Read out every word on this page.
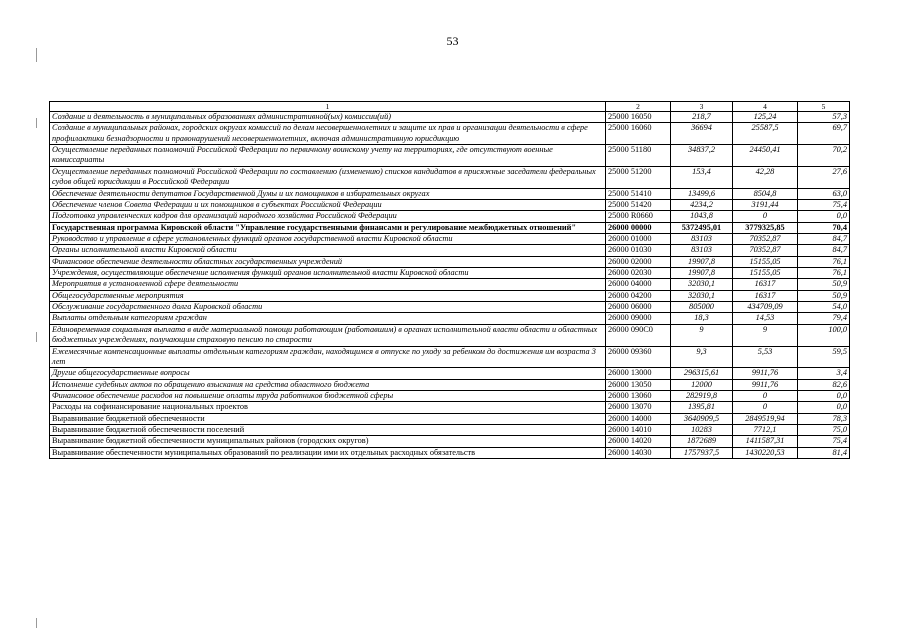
53
1	2	3	4	5
Создание и деятельность в муниципальных образованиях административной(ых) комиссии(ий)	25000 16050	218,7	125,24	57,3
Создание в муниципальных районах, городских округах комиссий по делам несовершеннолетних и защите их прав и организации деятельности в сфере профилактики безнадзорности и правонарушений несовершеннолетних, включая административную юрисдикцию	25000 16060	36694	25587,5	69,7
Осуществление переданных полномочий Российской Федерации по первичному воинскому учету на территориях, где отсутствуют военные комиссариаты	25000 51180	34837,2	24450,41	70,2
Осуществление переданных полномочий Российской Федерации по составлению (изменению) списков кандидатов в присяжные заседатели федеральных судов общей юрисдикции в Российской Федерации	25000 51200	153,4	42,28	27,6
Обеспечение деятельности депутатов Государственной Думы и их помощников в избирательных округах	25000 51410	13499,6	8504,8	63,0
Обеспечение членов Совета Федерации и их помощников в субъектах Российской Федерации	25000 51420	4234,2	3191,44	75,4
Подготовка управленческих кадров для организаций народного хозяйства Российской Федерации	25000 R0660	1043,8	0	0,0
Государственная программа Кировской области "Управление государственными финансами и регулирование межбюджетных отношений"	26000 00000	5372495,01	3779325,85	70,4
Руководство и управление в сфере установленных функций органов государственной власти Кировской области	26000 01000	83103	70352,87	84,7
Органы исполнительной власти Кировской области	26000 01030	83103	70352,87	84,7
Финансовое обеспечение деятельности областных государственных учреждений	26000 02000	19907,8	15155,05	76,1
Учреждения, осуществляющие обеспечение исполнения функций органов исполнительной власти Кировской области	26000 02030	19907,8	15155,05	76,1
Мероприятия в установленной сфере деятельности	26000 04000	32030,1	16317	50,9
Общегосударственные мероприятия	26000 04200	32030,1	16317	50,9
Обслуживание государственного долга Кировской области	26000 06000	805000	434709,09	54,0
Выплаты отдельным категориям граждан	26000 09000	18,3	14,53	79,4
Единовременная социальная выплата в виде материальной помощи работающим (работавшим) в органах исполнительной власти области и областных бюджетных учреждениях, получающим страховую пенсию по старости	26000 090C0	9	9	100,0
Ежемесячные компенсационные выплаты отдельным категориям граждан, находящимся в отпуске по уходу за ребенком до достижения им возраста 3 лет	26000 09360	9,3	5,53	59,5
Другие общегосударственные вопросы	26000 13000	296315,61	9911,76	3,4
Исполнение судебных актов по обращению взыскания на средства областного бюджета	26000 13050	12000	9911,76	82,6
Финансовое обеспечение расходов на повышение оплаты труда работников бюджетной сферы	26000 13060	282919,8	0	0,0
Расходы на софинансирование национальных проектов	26000 13070	1395,81	0	0,0
Выравнивание бюджетной обеспеченности	26000 14000	3640909,5	2849519,94	78,3
Выравнивание бюджетной обеспеченности поселений	26000 14010	10283	7712,1	75,0
Выравнивание бюджетной обеспеченности муниципальных районов (городских округов)	26000 14020	1872689	1411587,31	75,4
Выравнивание обеспеченности муниципальных образований по реализации ими их отдельных расходных обязательств	26000 14030	1757937,5	1430220,53	81,4
